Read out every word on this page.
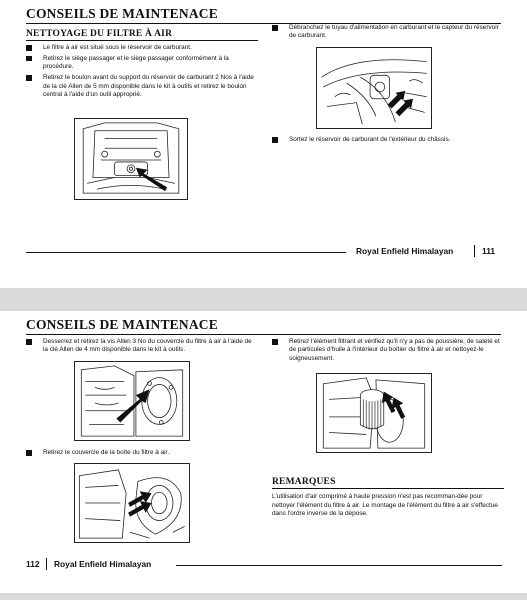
CONSEILS DE MAINTENACE
NETTOYAGE DU FILTRE À AIR
Le filtre à air est situé sous le réservoir de carburant.
Retirez le siège passager et le siège passager conformément à la procédure.
Retirez le boulon avant du support du réservoir de carburant 2 Nos à l'aide de la clé Allen de 5 mm disponible dans le kit à outils et retirez le boulon central à l'aide d'un outil approprié.
Débranchez le tuyau d'alimentation en carburant et le capteur du réservoir de carburant.
Sortez le réservoir de carburant de l'extérieur du châssis.
Royal Enfield Himalayan	111
CONSEILS DE MAINTENACE
Desserrez et retirez la vis Allen 3 No du couvercle du filtre à air à l'aide de la clé Allen de 4 mm disponible dans le kit à outils.
Retirez le couvercle de la boîte du filtre à air.
Retirez l'élément filtrant et vérifiez qu'il n'y a pas de poussière, de saleté et de particules d'huile à l'intérieur du boîtier du filtre à air et nettoyez-le soigneusement.
REMARQUES
L'utilisation d'air comprimé à haute pression n'est pas recomman-dée pour nettoyer l'élément du filtre à air. Le montage de l'élément du filtre à air s'effectue dans l'ordre inverse de la dépose.
112 Royal Enfield Himalayan
